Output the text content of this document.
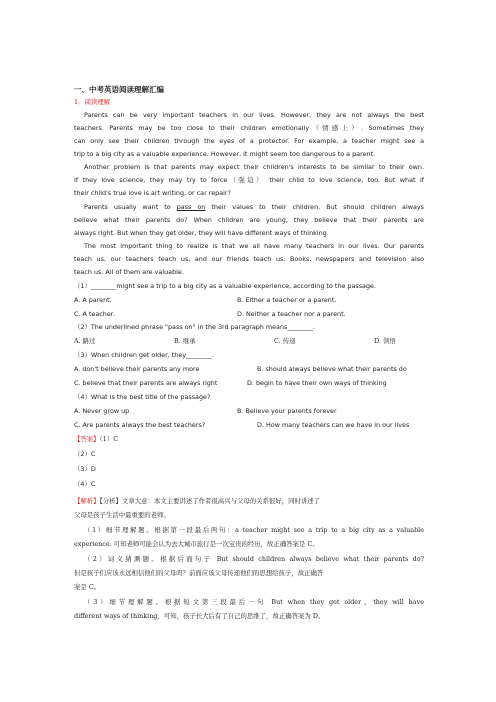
一、中考英语阅读理解汇编
1．阅读理解
Parents can be very important teachers in our lives. However, they are not always the best
teachers. Parents may be too close to their children emotionally（情感上）. Sometimes they
can only see their children through the eyes of a protector. For example, a teacher might see a
trip to a big city as a valuable experience. However, it might seem too dangerous to a parent.
Another problem is that parents may expect their children's interests to be similar to their own.
If they love science, they may try to force（强迫） their child to love science, too. But what if
their child's true love is art writing, or car repair?
Parents usually want to pass on their values to their children. But should children always
believe what their parents do? When children are young, they believe that their parents are
always right. But when they get older, they will have different ways of thinking.
The most important thing to realize is that we all have many teachers in our lives. Our parents
teach us, our teachers teach us, and our friends teach us. Books, newspapers and television also
teach us. All of them are valuable.
（1）________might see a trip to a big city as a valuable experience, according to the passage.
A. A parent.	B. Either a teacher or a parent.
C. A teacher.	D. Neither a teacher nor a parent.
（2）The underlined phrase "pass on" in the 3rd paragraph means________.
A. 路过	B. 继承	C. 传递	D. 领悟
（3）When children get older, they________.
A. don't believe their parents any more	B. should always believe what their parents do
C. believe that their parents are always right	D. begin to have their own ways of thinking
（4）What is the best title of the passage?
A. Never grow up	B. Believe your parents forever
C. Are parents always the best teachers?	D. How many teachers can we have in our lives
【答案】（1）C
（2）C
（3）D
（4）C
【解析】【分析】文章大意：本文主要讲述了作者很高兴与父母的关系很好，同时讲述了
父母是孩子生活中最重要的老师。
（1）细节理解题。根据第一段最后两句：a teacher might see a trip to a big city as a valuable
experience. 可知老师可能会认为去大城市旅行是一次宝贵的经历，故正确答案是 C。
（2）词义猜测题。根据后面句子 But should children always believe what their parents do?
但是孩子们应该永远相信他们的父母吗？前面应该父母传递他们的思想给孩子，故正确答
案是 C。
（3）细节理解题。根据短文第三段最后一句 But when they get older，they will have
different ways of thinking，可知，孩子长大后有了自己的思维了，故正确答案为 D。
